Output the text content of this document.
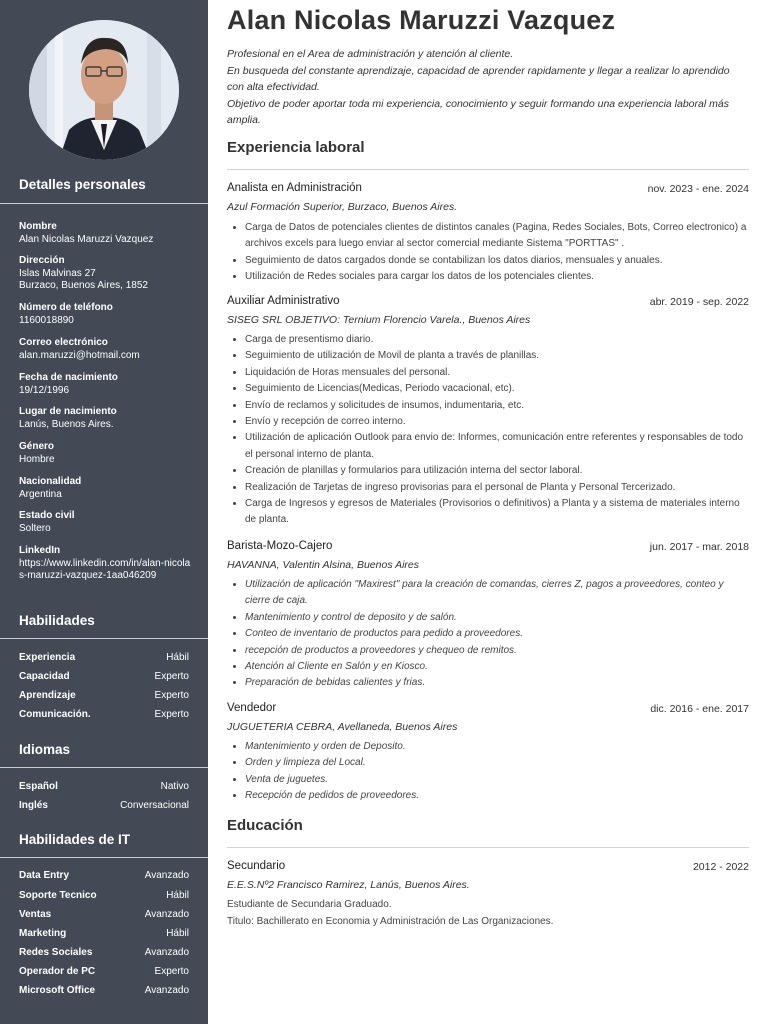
Detalles personales
Nombre
Alan Nicolas Maruzzi Vazquez
Dirección
Islas Malvinas 27
Burzaco, Buenos Aires, 1852
Número de teléfono
1160018890
Correo electrónico
alan.maruzzi@hotmail.com
Fecha de nacimiento
19/12/1996
Lugar de nacimiento
Lanús, Buenos Aires.
Género
Hombre
Nacionalidad
Argentina
Estado civil
Soltero
LinkedIn
https://www.linkedin.com/in/alan-nicolas-maruzzi-vazquez-1aa046209
Habilidades
Experiencia	Hábil
Capacidad	Experto
Aprendizaje	Experto
Comunicación.	Experto
Idiomas
Español	Nativo
Inglés	Conversacional
Habilidades de IT
Data Entry	Avanzado
Soporte Tecnico	Hábil
Ventas	Avanzado
Marketing	Hábil
Redes Sociales	Avanzado
Operador de PC	Experto
Microsoft Office	Avanzado
Alan Nicolas Maruzzi Vazquez

Profesional en el Area de administración y atención al cliente.
En busqueda del constante aprendizaje, capacidad de aprender rapidamente y llegar a realizar lo aprendido con alta efectividad.
Objetivo de poder aportar toda mi experiencia, conocimiento y seguir formando una experiencia laboral más amplia.

Experiencia laboral
Analista en Administración	nov. 2023 - ene. 2024
Azul Formación Superior, Burzaco, Buenos Aires.
• Carga de Datos de potenciales clientes de distintos canales (Pagina, Redes Sociales, Bots, Correo electronico) a archivos excels para luego enviar al sector comercial mediante Sistema "PORTTAS" .
• Seguimiento de datos cargados donde se contabilizan los datos diarios, mensuales y anuales.
• Utilización de Redes sociales para cargar los datos de los potenciales clientes.
Auxiliar Administrativo	abr. 2019 - sep. 2022
SISEG SRL OBJETIVO: Ternium Florencio Varela., Buenos Aires
• Carga de presentismo diario.
• Seguimiento de utilización de Movil de planta a través de planillas.
• Liquidación de Horas mensuales del personal.
• Seguimiento de Licencias(Medicas, Periodo vacacional, etc).
• Envío de reclamos y solicitudes de insumos, indumentaria, etc.
• Envío y recepción de correo interno.
• Utilización de aplicación Outlook para envio de: Informes, comunicación entre referentes y responsables de todo el personal interno de planta.
• Creación de planillas y formularios para utilización interna del sector laboral.
• Realización de Tarjetas de ingreso provisorias para el personal de Planta y Personal Tercerizado.
• Carga de Ingresos y egresos de Materiales (Provisorios o definitivos) a Planta y a sistema de materiales interno de planta.
Barista-Mozo-Cajero	jun. 2017 - mar. 2018
HAVANNA, Valentin Alsina, Buenos Aires
• Utilización de aplicación "Maxirest" para la creación de comandas, cierres Z, pagos a proveedores, conteo y cierre de caja.
• Mantenimiento y control de deposito y de salón.
• Conteo de inventario de productos para pedido a proveedores.
• recepción de productos a proveedores y chequeo de remitos.
• Atención al Cliente en Salón y en Kiosco.
• Preparación de bebidas calientes y frias.
Vendedor	dic. 2016 - ene. 2017
JUGUETERIA CEBRA, Avellaneda, Buenos Aires
• Mantenimiento y orden de Deposito.
• Orden y limpieza del Local.
• Venta de juguetes.
• Recepción de pedidos de proveedores.
Educación
Secundario	2012 - 2022
E.E.S.Nº2 Francisco Ramirez, Lanús, Buenos Aires.
Estudiante de Secundaria Graduado.
Titulo: Bachillerato en Economia y Administración de Las Organizaciones.
